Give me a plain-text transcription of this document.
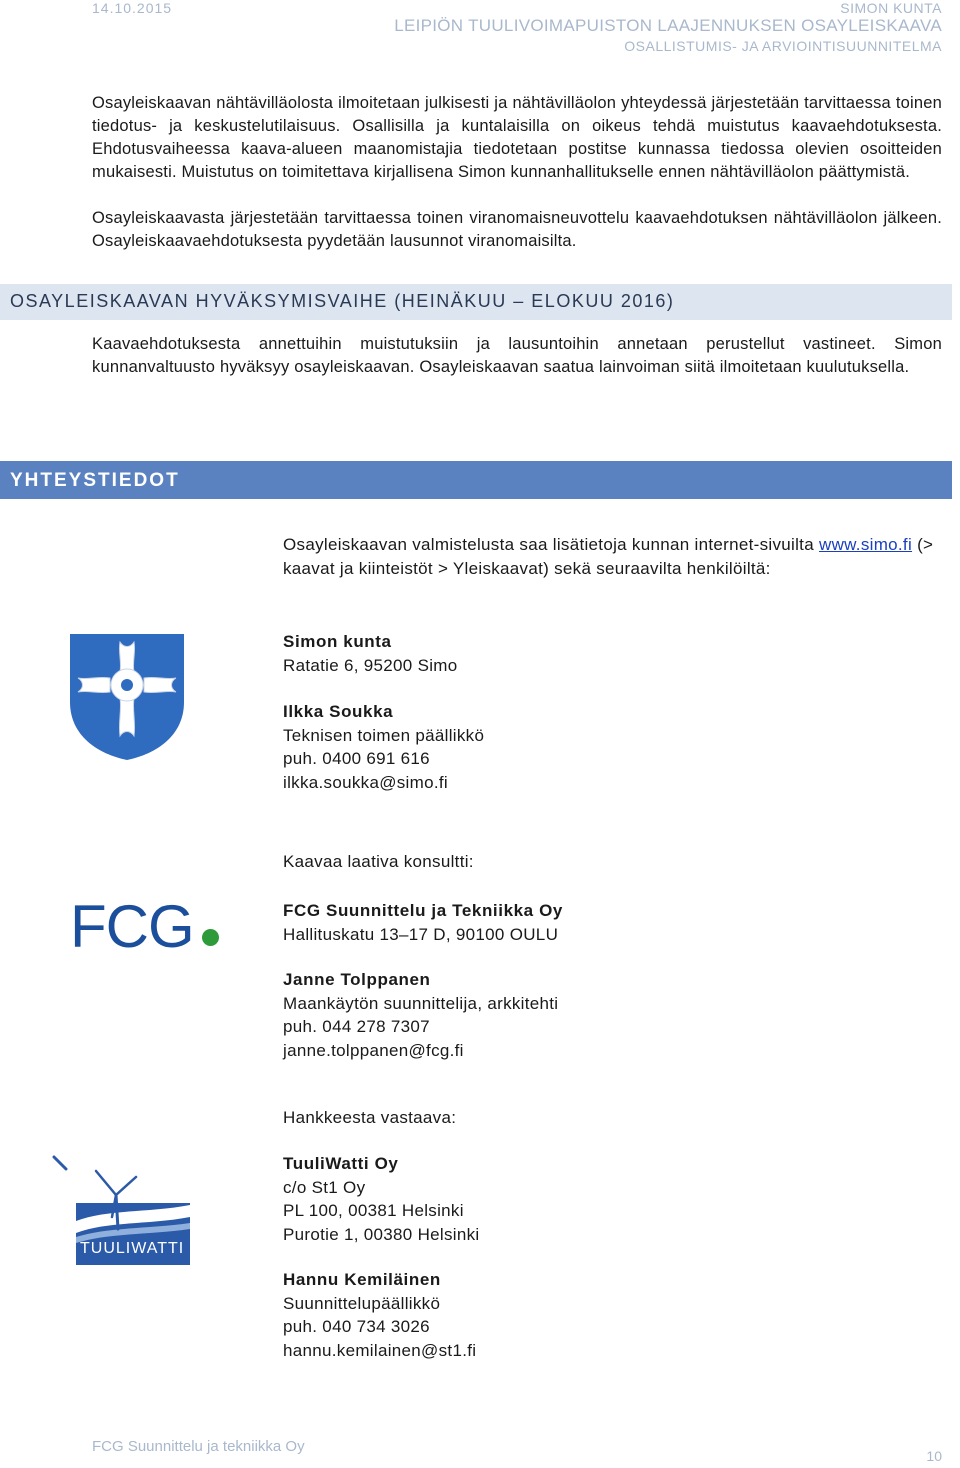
14.10.2015	SIMON KUNTA
LEIPIÖN TUULIVOIMAPUISTON LAAJENNUKSEN OSAYLEISKAAVA
OSALLISTUMIS- JA ARVIOINTISUUNNITELMA
Osayleiskaavan nähtävilläolosta ilmoitetaan julkisesti ja nähtävilläolon yhteydessä järjestetään tarvittaessa toinen tiedotus- ja keskustelutilaisuus. Osallisilla ja kuntalaisilla on oikeus tehdä muistutus kaavaehdotuksesta. Ehdotusvaiheessa kaava-alueen maanomistajia tiedotetaan postitse kunnassa tiedossa olevien osoitteiden mukaisesti. Muistutus on toimitettava kirjallisena Simon kunnanhallitukselle ennen nähtävilläolon päättymistä.
Osayleiskaavasta järjestetään tarvittaessa toinen viranomaisneuvottelu kaavaehdotuksen nähtävilläolon jälkeen. Osayleiskaavaehdotuksesta pyydetään lausunnot viranomaisilta.
OSAYLEISKAAVAN HYVÄKSYMISVAIHE (HEINÄKUU – ELOKUU 2016)
Kaavaehdotuksesta annettuihin muistutuksiin ja lausuntoihin annetaan perustellut vastineet. Simon kunnanvaltuusto hyväksyy osayleiskaavan. Osayleiskaavan saatua lainvoiman siitä ilmoitetaan kuulutuksella.
YHTEYSTIEDOT
Osayleiskaavan valmistelusta saa lisätietoja kunnan internet-sivuilta www.simo.fi (> kaavat ja kiinteistöt > Yleiskaavat) sekä seuraavilta henkilöiltä:
Simon kunta
Ratatie 6, 95200 Simo
Ilkka Soukka
Teknisen toimen päällikkö
puh. 0400 691 616
ilkka.soukka@simo.fi
Kaavaa laativa konsultti:
FCG	FCG Suunnittelu ja Tekniikka Oy
Hallituskatu 13–17 D, 90100 OULU
Janne Tolppanen
Maankäytön suunnittelija, arkkitehti
puh. 044 278 7307
janne.tolppanen@fcg.fi
Hankkeesta vastaava:
TUULIWATTI
TuuliWatti Oy
c/o St1 Oy
PL 100, 00381 Helsinki
Purotie 1, 00380 Helsinki
Hannu Kemiläinen
Suunnittelupäällikkö
puh. 040 734 3026
hannu.kemilainen@st1.fi
FCG Suunnittelu ja tekniikka Oy
10
